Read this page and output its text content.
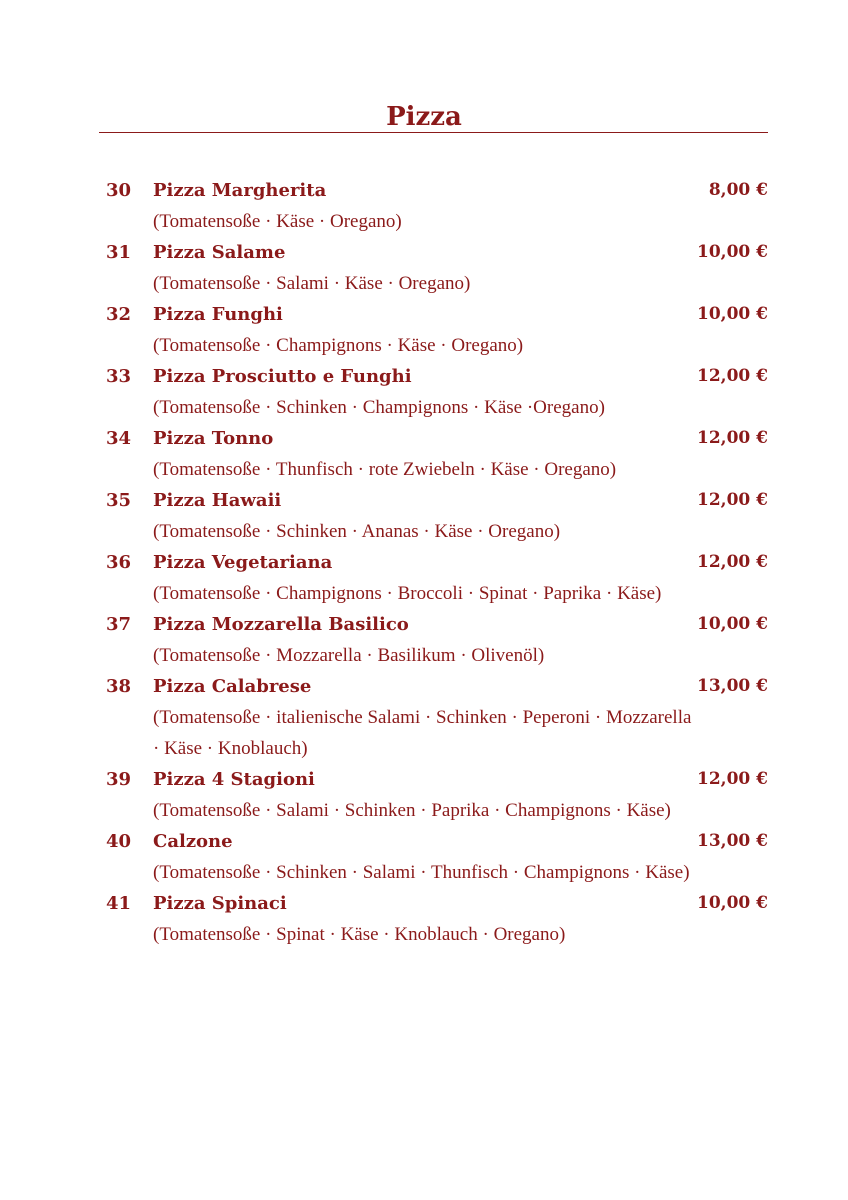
Pizza
30 Pizza Margherita	8,00 €
(Tomatensoße · Käse · Oregano)
31 Pizza Salame	10,00 €
(Tomatensoße · Salami · Käse · Oregano)
32 Pizza Funghi	10,00 €
(Tomatensoße · Champignons · Käse · Oregano)
33 Pizza Prosciutto e Funghi	12,00 €
(Tomatensoße · Schinken · Champignons · Käse ·Oregano)
34 Pizza Tonno	12,00 €
(Tomatensoße · Thunfisch · rote Zwiebeln · Käse · Oregano)
35 Pizza Hawaii	12,00 €
(Tomatensoße · Schinken · Ananas · Käse · Oregano)
36 Pizza Vegetariana	12,00 €
(Tomatensoße · Champignons · Broccoli · Spinat · Paprika · Käse)
37 Pizza Mozzarella Basilico	10,00 €
(Tomatensoße · Mozzarella · Basilikum · Olivenöl)
38 Pizza Calabrese	13,00 €
(Tomatensoße · italienische Salami · Schinken · Peperoni · Mozzarella · Käse · Knoblauch)
39 Pizza 4 Stagioni	12,00 €
(Tomatensoße · Salami · Schinken · Paprika · Champignons · Käse)
40 Calzone	13,00 €
(Tomatensoße · Schinken · Salami · Thunfisch · Champignons · Käse)
41 Pizza Spinaci	10,00 €
(Tomatensoße · Spinat · Käse · Knoblauch · Oregano)
